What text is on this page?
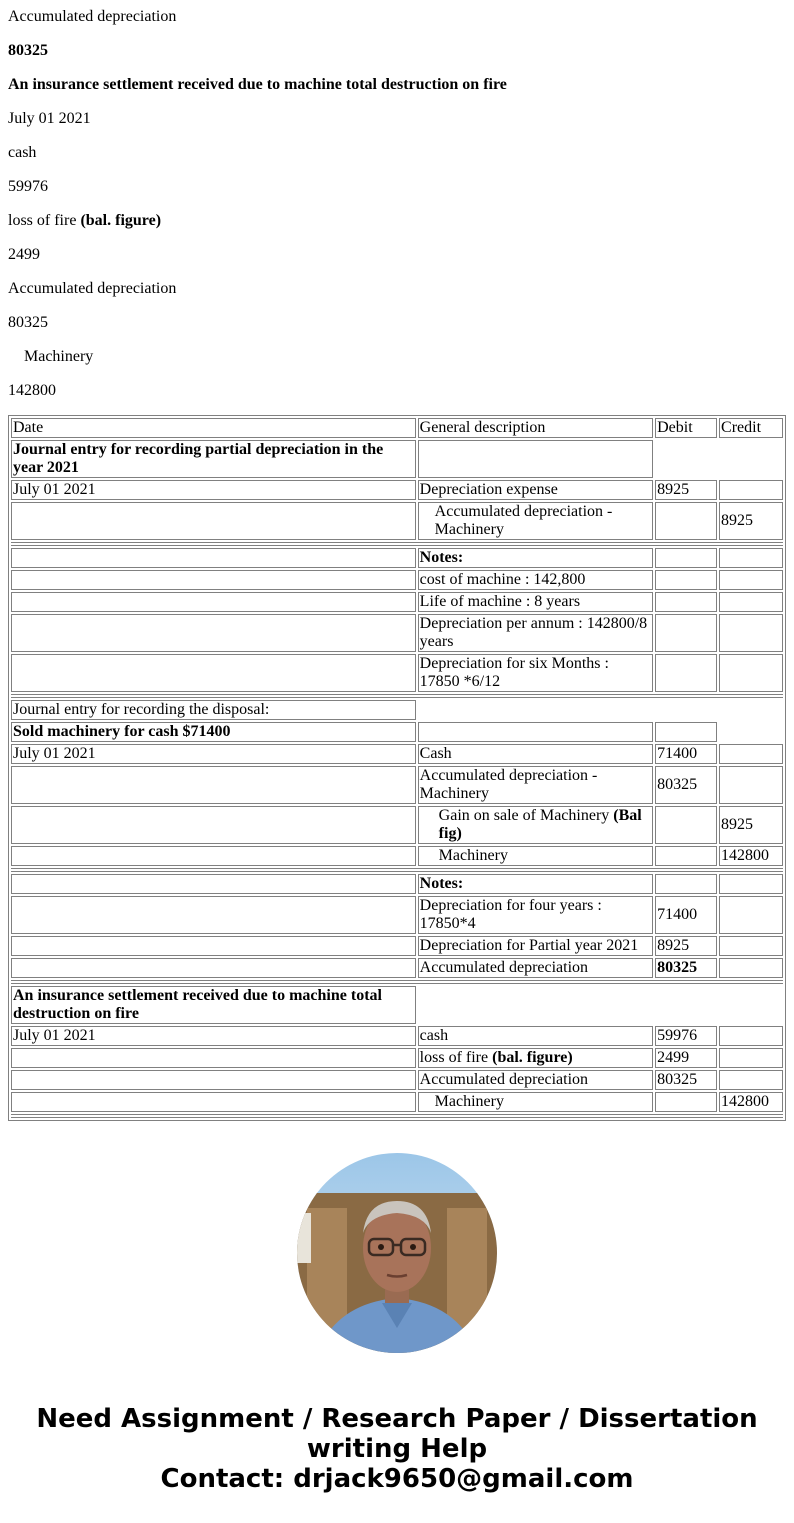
Accumulated depreciation

80325

An insurance settlement received due to machine total destruction on fire

July 01 2021

cash

59976

loss of fire (bal. figure)

2499

Accumulated depreciation

80325

Machinery

142800

Date	General description	Debit	Credit
Journal entry for recording partial depreciation in the year 2021			
July 01 2021	Depreciation expense	8925	
	Accumulated depreciation - Machinery		8925

	Notes:		
	cost of machine : 142,800		
	Life of machine : 8 years		
	Depreciation per annum : 142800/8 years		
	Depreciation for six Months : 17850 *6/12		

Journal entry for recording the disposal:			
Sold machinery for cash $71400			
July 01 2021	Cash	71400	
	Accumulated depreciation - Machinery	80325	
	Gain on sale of Machinery (Bal fig)		8925
	Machinery		142800

	Notes:		
	Depreciation for four years : 17850*4	71400	
	Depreciation for Partial year 2021	8925	
	Accumulated depreciation	80325	

An insurance settlement received due to machine total destruction on fire			
July 01 2021	cash	59976	
	loss of fire (bal. figure)	2499	
	Accumulated depreciation	80325	
	Machinery		142800

Need Assignment / Research Paper / Dissertation
writing Help
Contact: drjack9650@gmail.com
